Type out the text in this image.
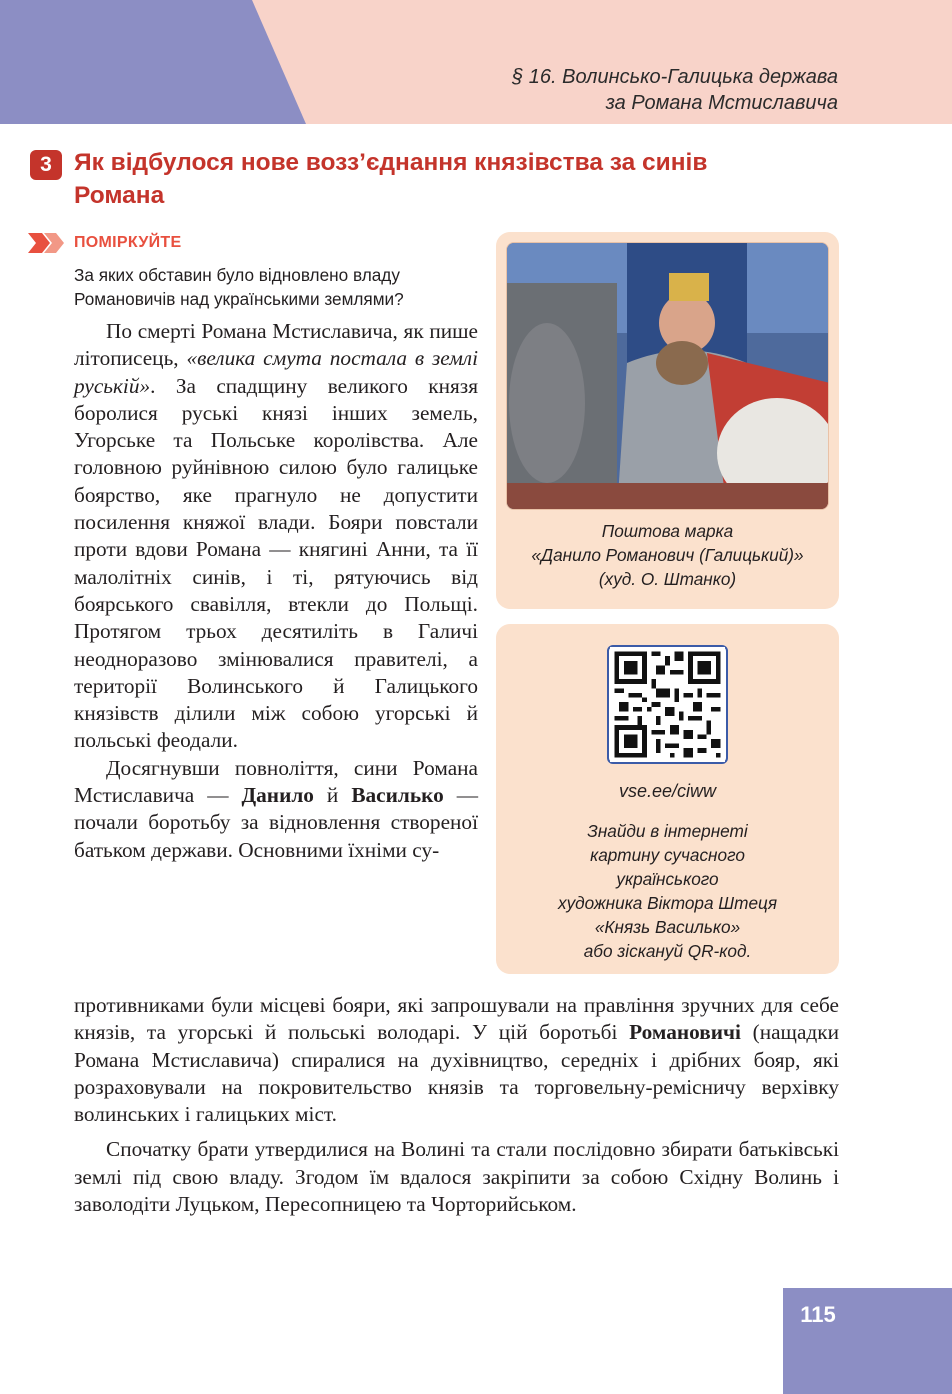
§ 16. Волинсько-Галицька держава
за Романа Мстиславича
3 Як відбулося нове возз’єднання князівства за синів Романа
ПОМІРКУЙТЕ
За яких обставин було відновлено владу Романовичів над українськими землями?

По смерті Романа Мстиславича, як пише літописець, «велика смута постала в землі руській». За спадщину великого князя боролися руські князі інших земель, Угорське та Польське королівства. Але головною руйнівною силою було галицьке боярство, яке прагнуло не допустити посилення княжої влади. Бояри повстали проти вдови Романа — княгині Анни, та її малолітніх синів, і ті, рятуючись від боярського свавілля, втекли до Польщі. Протягом трьох десятиліть в Галичі неодноразово змінювалися правителі, а території Волинського й Галицького князівств ділили між собою угорські й польські феодали.

Досягнувши повноліття, сини Романа Мстиславича — Данило й Василько — почали боротьбу за відновлення створеної батьком держави. Основними їхніми су-

противниками були місцеві бояри, які запрошували на правління зручних для себе князів, та угорські й польські володарі. У цій боротьбі Романовичі (нащадки Романа Мстиславича) спиралися на духівництво, середніх і дрібних бояр, які розраховували на покровительство князів та торговельну-ремісничу верхівку волинських і галицьких міст.

Спочатку брати утвердилися на Волині та стали послідовно збирати батьківські землі під свою владу. Згодом їм вдалося закріпити за собою Східну Волинь і заволодіти Луцьком, Пересопницею та Чорторийськом.

Поштова марка
«Данило Романович (Галицький)»
(худ. О. Штанко)
vse.ee/ciww
Знайди в інтернеті
картину сучасного
українського
художника Віктора Штеця
«Князь Василько»
або зіскануй QR-код.
115
